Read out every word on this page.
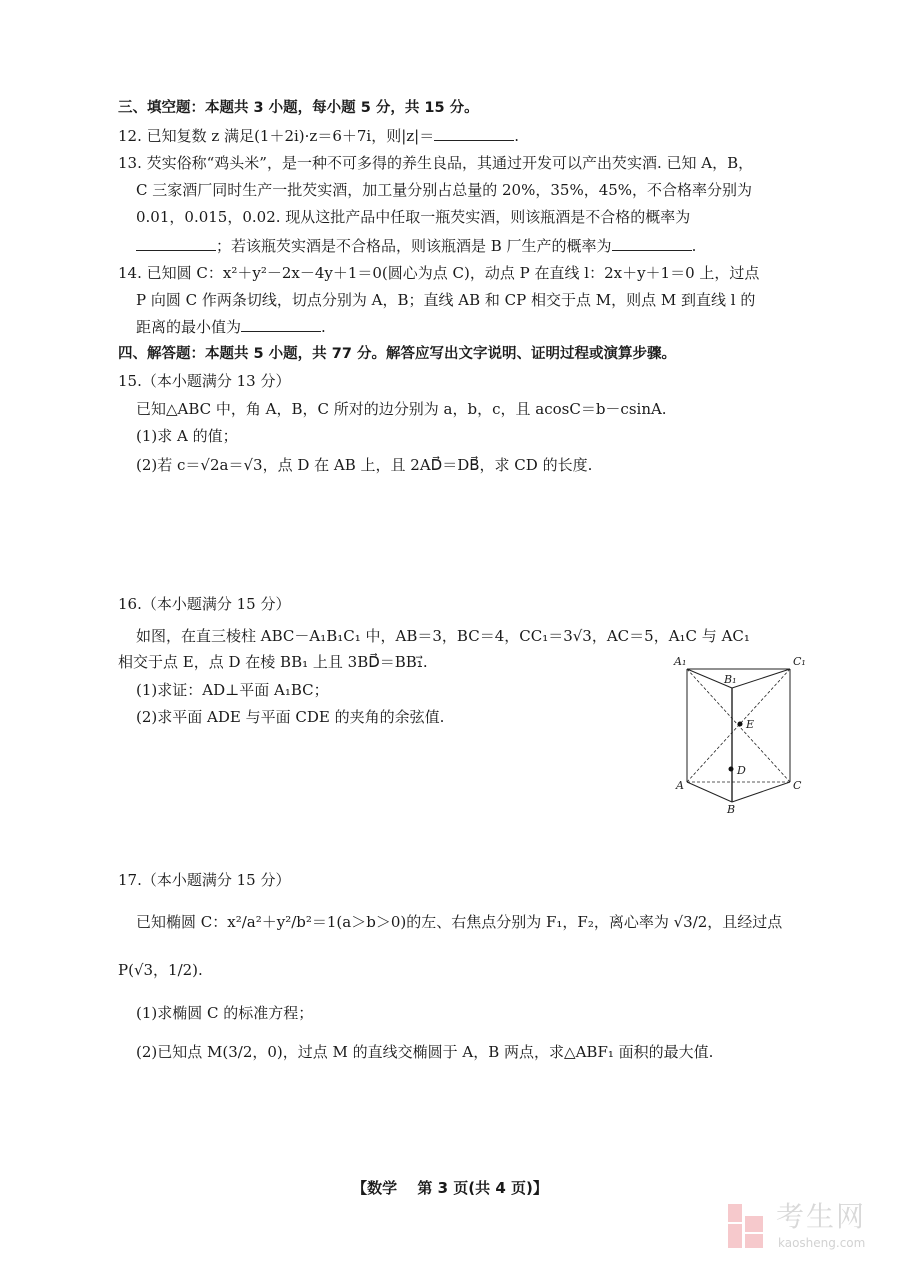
三、填空题：本题共 3 小题，每小题 5 分，共 15 分。
12. 已知复数 z 满足(1＋2i)·z＝6＋7i，则|z|＝	.
13. 芡实俗称“鸡头米”，是一种不可多得的养生良品，其通过开发可以产出芡实酒. 已知 A，B，
C 三家酒厂同时生产一批芡实酒，加工量分别占总量的 20%，35%，45%，不合格率分别为
0.01，0.015，0.02. 现从这批产品中任取一瓶芡实酒，则该瓶酒是不合格的概率为
；若该瓶芡实酒是不合格品，则该瓶酒是 B 厂生产的概率为	.
14. 已知圆 C：x²＋y²－2x－4y＋1＝0(圆心为点 C)，动点 P 在直线 l：2x＋y＋1＝0 上，过点
P 向圆 C 作两条切线，切点分别为 A，B；直线 AB 和 CP 相交于点 M，则点 M 到直线 l 的
距离的最小值为	.
四、解答题：本题共 5 小题，共 77 分。解答应写出文字说明、证明过程或演算步骤。
15.（本小题满分 13 分）
已知△ABC 中，角 A，B，C 所对的边分别为 a，b，c，且 acosC＝b－csinA.
(1)求 A 的值；
(2)若 c＝√2a＝√3，点 D 在 AB 上，且 2AD⃗＝DB⃗，求 CD 的长度.
16.（本小题满分 15 分）
如图，在直三棱柱 ABC－A₁B₁C₁ 中，AB＝3，BC＝4，CC₁＝3√3，AC＝5，A₁C 与 AC₁
相交于点 E，点 D 在棱 BB₁ 上且 3BD⃗＝BB₁⃗.
(1)求证：AD⊥平面 A₁BC；
(2)求平面 ADE 与平面 CDE 的夹角的余弦值.
A₁
B₁
C₁
E
D
A	C
B
17.（本小题满分 15 分）
已知椭圆 C：x²/a²＋y²/b²＝1(a＞b＞0)的左、右焦点分别为 F₁，F₂，离心率为 √3/2，且经过点
P(√3，1/2).
(1)求椭圆 C 的标准方程；
(2)已知点 M(3/2，0)，过点 M 的直线交椭圆于 A，B 两点，求△ABF₁ 面积的最大值.
【数学　 第 3 页(共 4 页)】
考生网
kaosheng.com
